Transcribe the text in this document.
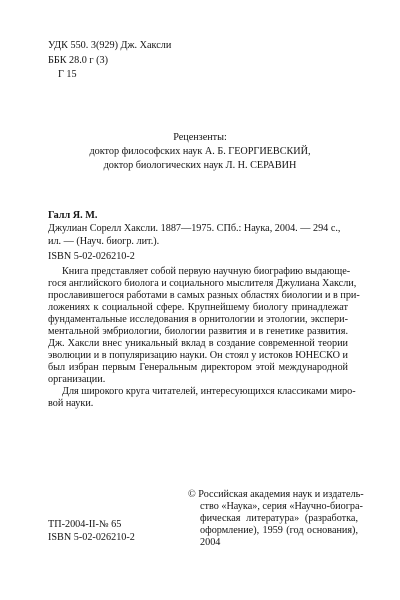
УДК 550. 3(929) Дж. Хаксли
ББК 28.0 г (3)
Г 15
Рецензенты:
доктор философских наук А. Б. ГЕОРГИЕВСКИЙ,
доктор биологических наук Л. Н. СЕРАВИН
Галл Я. М.
Джулиан Сорелл Хаксли. 1887—1975. СПб.: Наука, 2004. — 294 с.,
ил. — (Науч. биогр. лит.).
ISBN 5-02-026210-2
Книга представляет собой первую научную биографию выдающе-
гося английского биолога и социального мыслителя Джулиана Хаксли,
прославившегося работами в самых разных областях биологии и в при-
ложениях к социальной сфере. Крупнейшему биологу принадлежат
фундаментальные исследования в орнитологии и этологии, экспери-
ментальной эмбриологии, биологии развития и в генетике развития.
Дж. Хаксли внес уникальный вклад в создание современной теории
эволюции и в популяризацию науки. Он стоял у истоков ЮНЕСКО и
был избран первым Генеральным директором этой международной
организации.
Для широкого круга читателей, интересующихся классиками миро-
вой науки.
© Российская академия наук и издатель-
ство «Наука», серия «Научно-биогра-
фическая литература» (разработка,
оформление), 1959 (год основания),
2004
ТП-2004-II-№ 65
ISBN 5-02-026210-2
